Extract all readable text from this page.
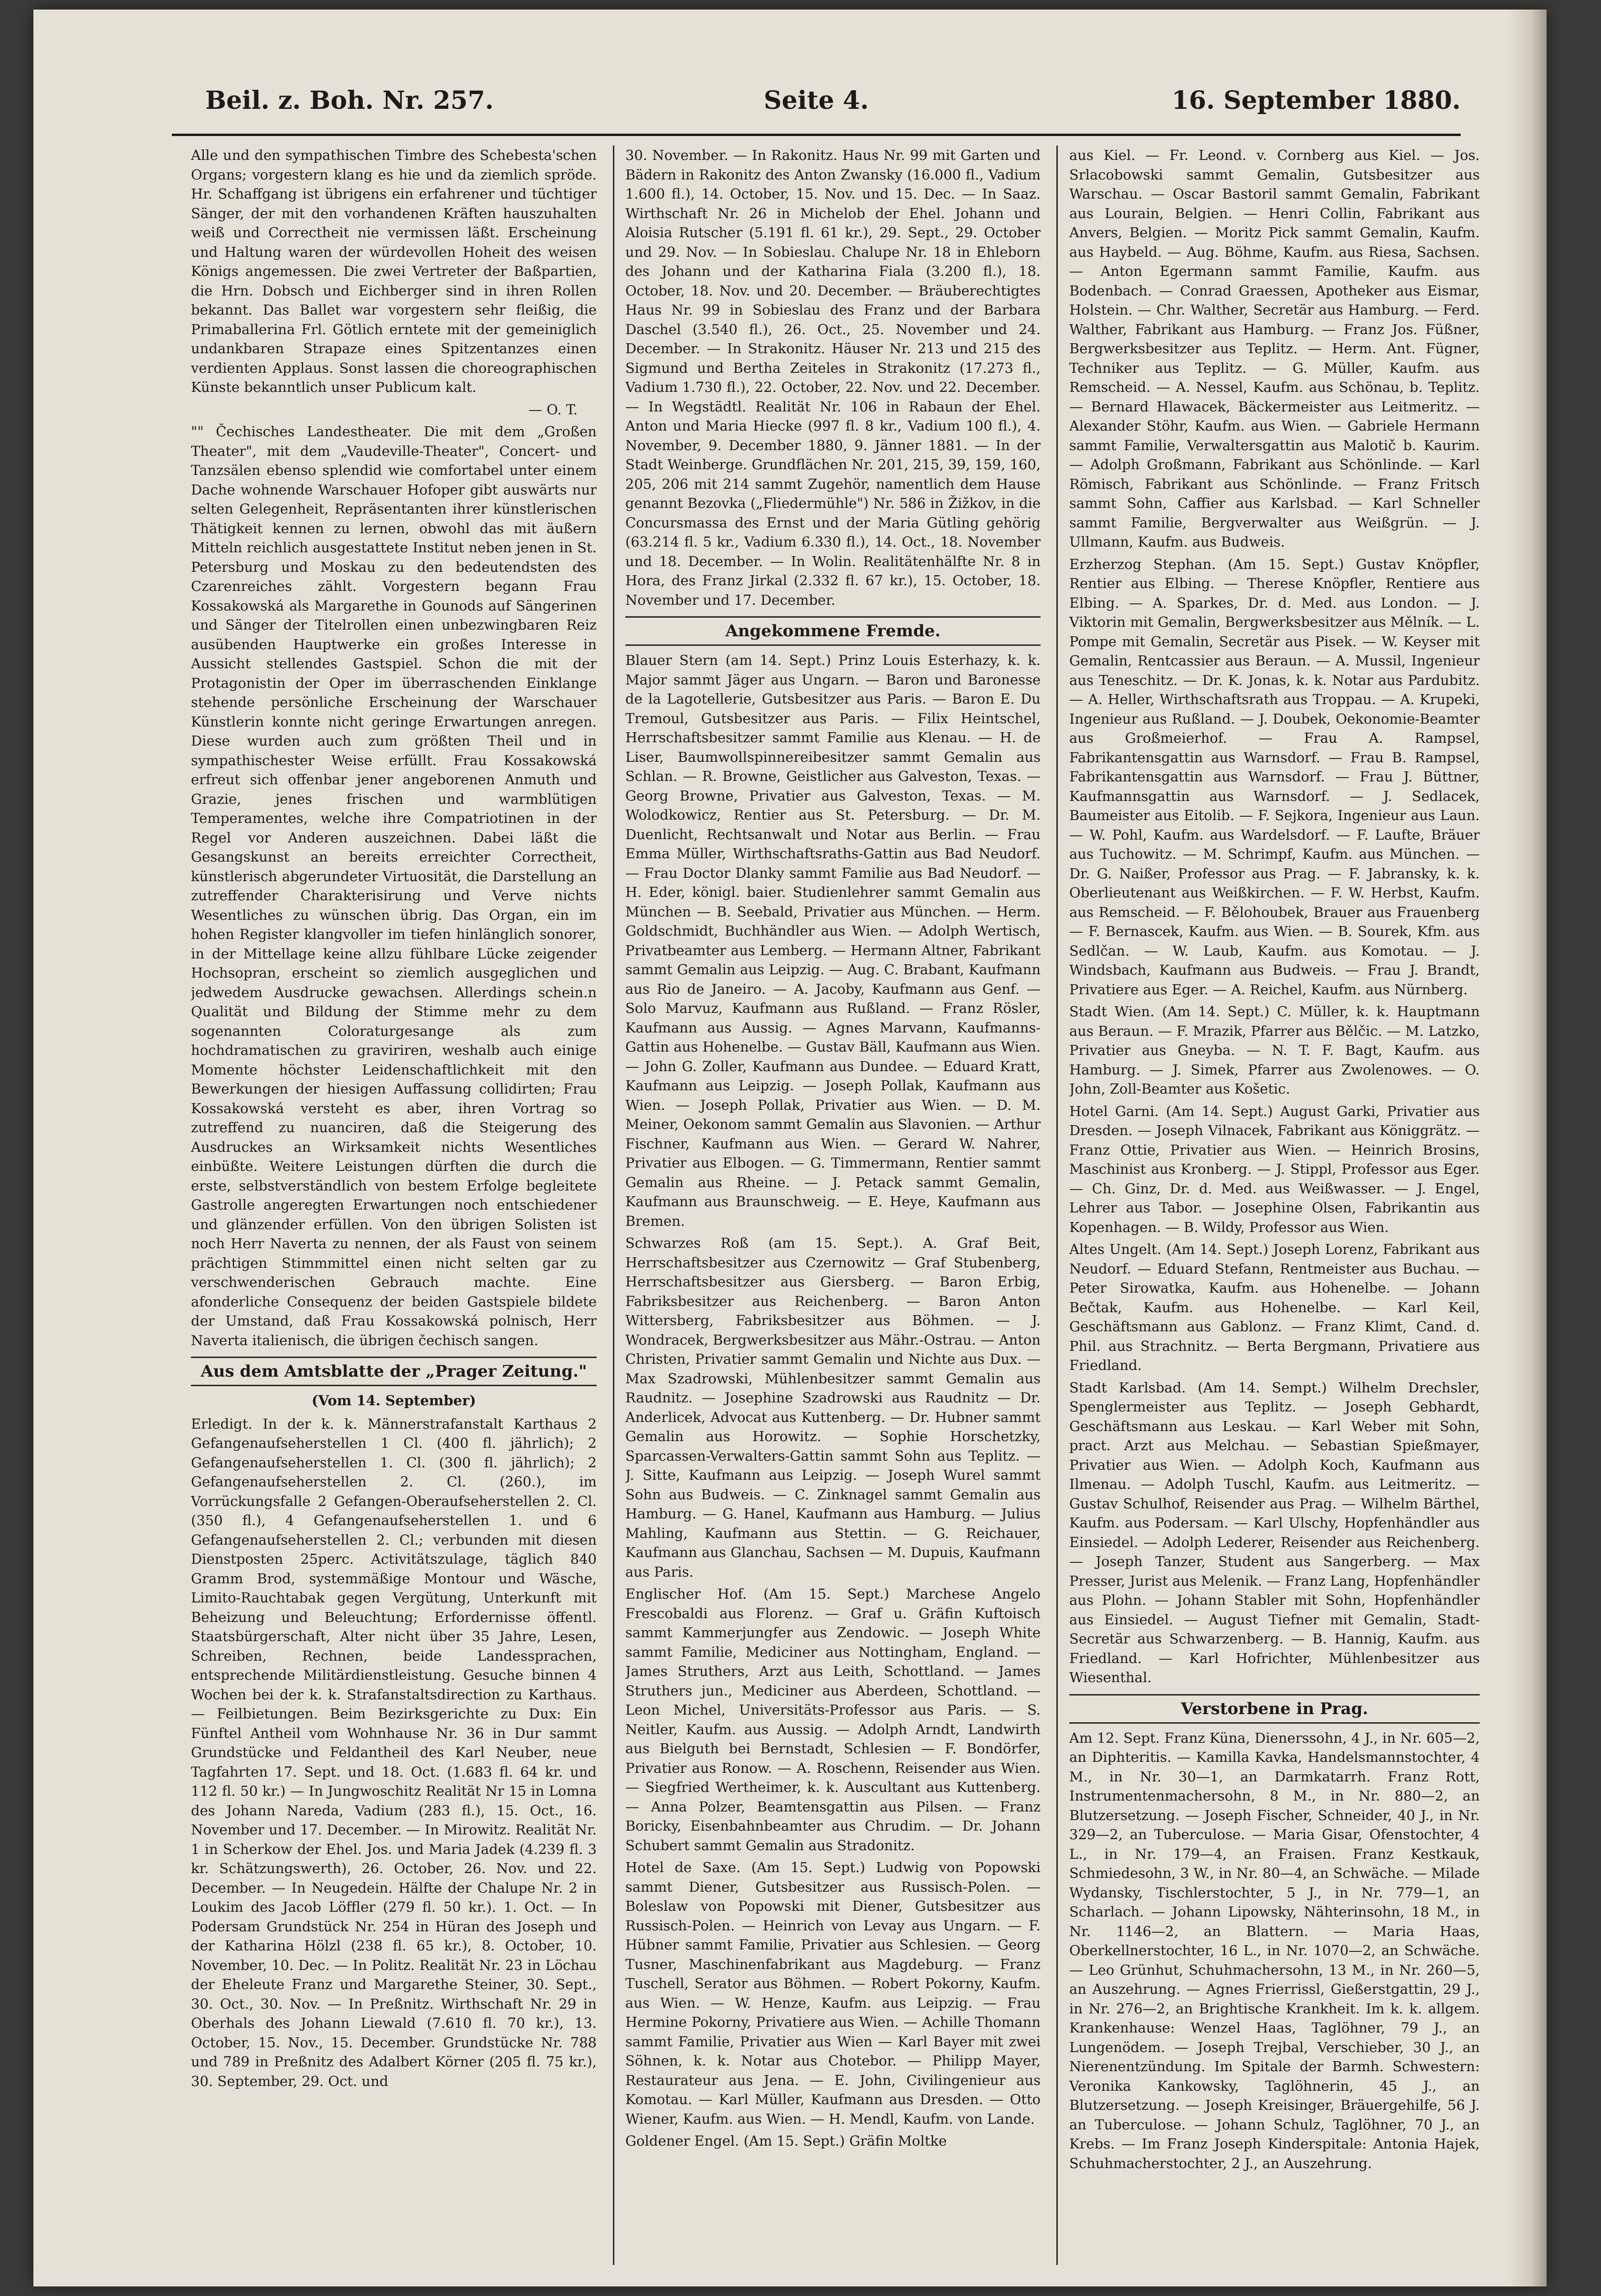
Beil. z. Boh. Nr. 257.	Seite 4.	16. September 1880.

Alle und den sympathischen Timbre des Schebesta'schen Organs; vorgestern klang es hie und da ziemlich spröde. Hr. Schaffgang ist übrigens ein erfahrener und tüchtiger Sänger, der mit den vorhandenen Kräften hauszuhalten weiß und Correctheit nie vermissen läßt. Erscheinung und Haltung waren der würdevollen Hoheit des weisen Königs angemessen. Die zwei Vertreter der Baßpartien, die Hrn. Dobsch und Eichberger sind in ihren Rollen bekannt. Das Ballet war vorgestern sehr fleißig, die Primaballerina Frl. Götlich erntete mit der gemeiniglich undankbaren Strapaze eines Spitzentanzes einen verdienten Applaus. Sonst lassen die choreographischen Künste bekanntlich unser Publicum kalt.

— O. T.

"" Čechisches Landestheater. Die mit dem „Großen Theater", mit dem „Vaudeville-Theater", Concert- und Tanzsälen ebenso splendid wie comfortabel unter einem Dache wohnende Warschauer Hofoper gibt auswärts nur selten Gelegenheit, Repräsentanten ihrer künstlerischen Thätigkeit kennen zu lernen, obwohl das mit äußern Mitteln reichlich ausgestattete Institut neben jenen in St. Petersburg und Moskau zu den bedeutendsten des Czarenreiches zählt. Vorgestern begann Frau Kossakowská als Margarethe in Gounods auf Sängerinen und Sänger der Titelrollen einen unbezwingbaren Reiz ausübenden Hauptwerke ein großes Interesse in Aussicht stellendes Gastspiel. Schon die mit der Protagonistin der Oper im überraschenden Einklange stehende persönliche Erscheinung der Warschauer Künstlerin konnte nicht geringe Erwartungen anregen. Diese wurden auch zum größten Theil und in sympathischester Weise erfüllt. Frau Kossakowská erfreut sich offenbar jener angeborenen Anmuth und Grazie, jenes frischen und warmblütigen Temperamentes, welche ihre Compatriotinen in der Regel vor Anderen auszeichnen. Dabei läßt die Gesangskunst an bereits erreichter Correctheit, künstlerisch abgerundeter Virtuosität, die Darstellung an zutreffender Charakterisirung und Verve nichts Wesentliches zu wünschen übrig. Das Organ, ein im hohen Register klangvoller im tiefen hinlänglich sonorer, in der Mittellage keine allzu fühlbare Lücke zeigender Hochsopran, erscheint so ziemlich ausgeglichen und jedwedem Ausdrucke gewachsen. Allerdings schein.n Qualität und Bildung der Stimme mehr zu dem sogenannten Coloraturgesange als zum hochdramatischen zu graviriren, weshalb auch einige Momente höchster Leidenschaftlichkeit mit den Bewerkungen der hiesigen Auffassung collidirten; Frau Kossakowská versteht es aber, ihren Vortrag so zutreffend zu nuanciren, daß die Steigerung des Ausdruckes an Wirksamkeit nichts Wesentliches einbüßte. Weitere Leistungen dürften die durch die erste, selbstverständlich von bestem Erfolge begleitete Gastrolle angeregten Erwartungen noch entschiedener und glänzender erfüllen. Von den übrigen Solisten ist noch Herr Naverta zu nennen, der als Faust von seinem prächtigen Stimmmittel einen nicht selten gar zu verschwenderischen Gebrauch machte. Eine afonderliche Consequenz der beiden Gastspiele bildete der Umstand, daß Frau Kossakowská polnisch, Herr Naverta italienisch, die übrigen čechisch sangen.

Aus dem Amtsblatte der „Prager Zeitung."

(Vom 14. September)

Erledigt. In der k. k. Männerstrafanstalt Karthaus 2 Gefangenaufseherstellen 1 Cl. (400 fl. jährlich); 2 Gefangenaufseherstellen 1. Cl. (300 fl. jährlich); 2 Gefangenaufseherstellen 2. Cl. (260.), im Vorrückungsfalle 2 Gefangen-Oberaufseherstellen 2. Cl. (350 fl.), 4 Gefangenaufseherstellen 1. und 6 Gefangenaufseherstellen 2. Cl.; verbunden mit diesen Dienstposten 25perc. Activitätszulage, täglich 840 Gramm Brod, systemmäßige Montour und Wäsche, Limito-Rauchtabak gegen Vergütung, Unterkunft mit Beheizung und Beleuchtung; Erfordernisse öffentl. Staatsbürgerschaft, Alter nicht über 35 Jahre, Lesen, Schreiben, Rechnen, beide Landessprachen, entsprechende Militärdienstleistung. Gesuche binnen 4 Wochen bei der k. k. Strafanstaltsdirection zu Karthaus. — Feilbietungen. Beim Bezirksgerichte zu Dux: Ein Fünftel Antheil vom Wohnhause Nr. 36 in Dur sammt Grundstücke und Feldantheil des Karl Neuber, neue Tagfahrten 17. Sept. und 18. Oct. (1.683 fl. 64 kr. und 112 fl. 50 kr.) — In Jungwoschitz Realität Nr 15 in Lomna des Johann Nareda, Vadium (283 fl.), 15. Oct., 16. November und 17. December. — In Mirowitz. Realität Nr. 1 in Scherkow der Ehel. Jos. und Maria Jadek (4.239 fl. 3 kr. Schätzungswerth), 26. October, 26. Nov. und 22. December. — In Neugedein. Hälfte der Chalupe Nr. 2 in Loukim des Jacob Löffler (279 fl. 50 kr.). 1. Oct. — In Podersam Grundstück Nr. 254 in Hüran des Joseph und der Katharina Hölzl (238 fl. 65 kr.), 8. October, 10. November, 10. Dec. — In Politz. Realität Nr. 23 in Löchau der Eheleute Franz und Margarethe Steiner, 30. Sept., 30. Oct., 30. Nov. — In Preßnitz. Wirthschaft Nr. 29 in Oberhals des Johann Liewald (7.610 fl. 70 kr.), 13. October, 15. Nov., 15. December. Grundstücke Nr. 788 und 789 in Preßnitz des Adalbert Körner (205 fl. 75 kr.), 30. September, 29. Oct. und

30. November. — In Rakonitz. Haus Nr. 99 mit Garten und Bädern in Rakonitz des Anton Zwansky (16.000 fl., Vadium 1.600 fl.), 14. October, 15. Nov. und 15. Dec. — In Saaz. Wirthschaft Nr. 26 in Michelob der Ehel. Johann und Aloisia Rutscher (5.191 fl. 61 kr.), 29. Sept., 29. October und 29. Nov. — In Sobieslau. Chalupe Nr. 18 in Ehleborn des Johann und der Katharina Fiala (3.200 fl.), 18. October, 18. Nov. und 20. December. — Bräuberechtigtes Haus Nr. 99 in Sobieslau des Franz und der Barbara Daschel (3.540 fl.), 26. Oct., 25. November und 24. December. — In Strakonitz. Häuser Nr. 213 und 215 des Sigmund und Bertha Zeiteles in Strakonitz (17.273 fl., Vadium 1.730 fl.), 22. October, 22. Nov. und 22. December. — In Wegstädtl. Realität Nr. 106 in Rabaun der Ehel. Anton und Maria Hiecke (997 fl. 8 kr., Vadium 100 fl.), 4. November, 9. December 1880, 9. Jänner 1881. — In der Stadt Weinberge. Grundflächen Nr. 201, 215, 39, 159, 160, 205, 206 mit 214 sammt Zugehör, namentlich dem Hause genannt Bezovka („Fliedermühle") Nr. 586 in Žižkov, in die Concursmassa des Ernst und der Maria Gütling gehörig (63.214 fl. 5 kr., Vadium 6.330 fl.), 14. Oct., 18. November und 18. December. — In Wolin. Realitätenhälfte Nr. 8 in Hora, des Franz Jirkal (2.332 fl. 67 kr.), 15. October, 18. November und 17. December.

Angekommene Fremde.

Blauer Stern (am 14. Sept.) Prinz Louis Esterhazy, k. k. Major sammt Jäger aus Ungarn. — Baron und Baronesse de la Lagotellerie, Gutsbesitzer aus Paris. — Baron E. Du Tremoul, Gutsbesitzer aus Paris. — Filix Heintschel, Herrschaftsbesitzer sammt Familie aus Klenau. — H. de Liser, Baumwollspinnereibesitzer sammt Gemalin aus Schlan. — R. Browne, Geistlicher aus Galveston, Texas. — Georg Browne, Privatier aus Galveston, Texas. — M. Wolodkowicz, Rentier aus St. Petersburg. — Dr. M. Duenlicht, Rechtsanwalt und Notar aus Berlin. — Frau Emma Müller, Wirthschaftsraths-Gattin aus Bad Neudorf. — Frau Doctor Dlanky sammt Familie aus Bad Neudorf. — H. Eder, königl. baier. Studienlehrer sammt Gemalin aus München — B. Seebald, Privatier aus München. — Herm. Goldschmidt, Buchhändler aus Wien. — Adolph Wertisch, Privatbeamter aus Lemberg. — Hermann Altner, Fabrikant sammt Gemalin aus Leipzig. — Aug. C. Brabant, Kaufmann aus Rio de Janeiro. — A. Jacoby, Kaufmann aus Genf. — Solo Marvuz, Kaufmann aus Rußland. — Franz Rösler, Kaufmann aus Aussig. — Agnes Marvann, Kaufmanns-Gattin aus Hohenelbe. — Gustav Bäll, Kaufmann aus Wien. — John G. Zoller, Kaufmann aus Dundee. — Eduard Kratt, Kaufmann aus Leipzig. — Joseph Pollak, Kaufmann aus Wien. — Joseph Pollak, Privatier aus Wien. — D. M. Meiner, Oekonom sammt Gemalin aus Slavonien. — Arthur Fischner, Kaufmann aus Wien. — Gerard W. Nahrer, Privatier aus Elbogen. — G. Timmermann, Rentier sammt Gemalin aus Rheine. — J. Petack sammt Gemalin, Kaufmann aus Braunschweig. — E. Heye, Kaufmann aus Bremen.

Schwarzes Roß (am 15. Sept.). A. Graf Beit, Herrschaftsbesitzer aus Czernowitz — Graf Stubenberg, Herrschaftsbesitzer aus Giersberg. — Baron Erbig, Fabriksbesitzer aus Reichenberg. — Baron Anton Wittersberg, Fabriksbesitzer aus Böhmen. — J. Wondracek, Bergwerksbesitzer aus Mähr.-Ostrau. — Anton Christen, Privatier sammt Gemalin und Nichte aus Dux. — Max Szadrowski, Mühlenbesitzer sammt Gemalin aus Raudnitz. — Josephine Szadrowski aus Raudnitz — Dr. Anderlicek, Advocat aus Kuttenberg. — Dr. Hubner sammt Gemalin aus Horowitz. — Sophie Horschetzky, Sparcassen-Verwalters-Gattin sammt Sohn aus Teplitz. — J. Sitte, Kaufmann aus Leipzig. — Joseph Wurel sammt Sohn aus Budweis. — C. Zinknagel sammt Gemalin aus Hamburg. — G. Hanel, Kaufmann aus Hamburg. — Julius Mahling, Kaufmann aus Stettin. — G. Reichauer, Kaufmann aus Glanchau, Sachsen — M. Dupuis, Kaufmann aus Paris.

Englischer Hof. (Am 15. Sept.) Marchese Angelo Frescobaldi aus Florenz. — Graf u. Gräfin Kuftoisch sammt Kammerjungfer aus Zendowic. — Joseph White sammt Familie, Mediciner aus Nottingham, England. — James Struthers, Arzt aus Leith, Schottland. — James Struthers jun., Mediciner aus Aberdeen, Schottland. — Leon Michel, Universitäts-Professor aus Paris. — S. Neitler, Kaufm. aus Aussig. — Adolph Arndt, Landwirth aus Bielguth bei Bernstadt, Schlesien — F. Bondörfer, Privatier aus Ronow. — A. Roschenn, Reisender aus Wien. — Siegfried Wertheimer, k. k. Auscultant aus Kuttenberg. — Anna Polzer, Beamtensgattin aus Pilsen. — Franz Boricky, Eisenbahnbeamter aus Chrudim. — Dr. Johann Schubert sammt Gemalin aus Stradonitz.

Hotel de Saxe. (Am 15. Sept.) Ludwig von Popowski sammt Diener, Gutsbesitzer aus Russisch-Polen. — Boleslaw von Popowski mit Diener, Gutsbesitzer aus Russisch-Polen. — Heinrich von Levay aus Ungarn. — F. Hübner sammt Familie, Privatier aus Schlesien. — Georg Tusner, Maschinenfabrikant aus Magdeburg. — Franz Tuschell, Serator aus Böhmen. — Robert Pokorny, Kaufm. aus Wien. — W. Henze, Kaufm. aus Leipzig. — Frau Hermine Pokorny, Privatiere aus Wien. — Achille Thomann sammt Familie, Privatier aus Wien — Karl Bayer mit zwei Söhnen, k. k. Notar aus Chotebor. — Philipp Mayer, Restaurateur aus Jena. — E. John, Civilingenieur aus Komotau. — Karl Müller, Kaufmann aus Dresden. — Otto Wiener, Kaufm. aus Wien. — H. Mendl, Kaufm. von Lande.

Goldener Engel. (Am 15. Sept.) Gräfin Moltke

aus Kiel. — Fr. Leond. v. Cornberg aus Kiel. — Jos. Srlacobowski sammt Gemalin, Gutsbesitzer aus Warschau. — Oscar Bastoril sammt Gemalin, Fabrikant aus Lourain, Belgien. — Henri Collin, Fabrikant aus Anvers, Belgien. — Moritz Pick sammt Gemalin, Kaufm. aus Haybeld. — Aug. Böhme, Kaufm. aus Riesa, Sachsen. — Anton Egermann sammt Familie, Kaufm. aus Bodenbach. — Conrad Graessen, Apotheker aus Eismar, Holstein. — Chr. Walther, Secretär aus Hamburg. — Ferd. Walther, Fabrikant aus Hamburg. — Franz Jos. Füßner, Bergwerksbesitzer aus Teplitz. — Herm. Ant. Fügner, Techniker aus Teplitz. — G. Müller, Kaufm. aus Remscheid. — A. Nessel, Kaufm. aus Schönau, b. Teplitz. — Bernard Hlawacek, Bäckermeister aus Leitmeritz. — Alexander Stöhr, Kaufm. aus Wien. — Gabriele Hermann sammt Familie, Verwaltersgattin aus Malotič b. Kaurim. — Adolph Großmann, Fabrikant aus Schönlinde. — Karl Römisch, Fabrikant aus Schönlinde. — Franz Fritsch sammt Sohn, Caffier aus Karlsbad. — Karl Schneller sammt Familie, Bergverwalter aus Weißgrün. — J. Ullmann, Kaufm. aus Budweis.

Erzherzog Stephan. (Am 15. Sept.) Gustav Knöpfler, Rentier aus Elbing. — Therese Knöpfler, Rentiere aus Elbing. — A. Sparkes, Dr. d. Med. aus London. — J. Viktorin mit Gemalin, Bergwerksbesitzer aus Mělník. — L. Pompe mit Gemalin, Secretär aus Pisek. — W. Keyser mit Gemalin, Rentcassier aus Beraun. — A. Mussil, Ingenieur aus Teneschitz. — Dr. K. Jonas, k. k. Notar aus Pardubitz. — A. Heller, Wirthschaftsrath aus Troppau. — A. Krupeki, Ingenieur aus Rußland. — J. Doubek, Oekonomie-Beamter aus Großmeierhof. — Frau A. Rampsel, Fabrikantensgattin aus Warnsdorf. — Frau B. Rampsel, Fabrikantensgattin aus Warnsdorf. — Frau J. Büttner, Kaufmannsgattin aus Warnsdorf. — J. Sedlacek, Baumeister aus Eitolib. — F. Sejkora, Ingenieur aus Laun. — W. Pohl, Kaufm. aus Wardelsdorf. — F. Laufte, Bräuer aus Tuchowitz. — M. Schrimpf, Kaufm. aus München. — Dr. G. Naißer, Professor aus Prag. — F. Jabransky, k. k. Oberlieutenant aus Weißkirchen. — F. W. Herbst, Kaufm. aus Remscheid. — F. Bělohoubek, Brauer aus Frauenberg — F. Bernascek, Kaufm. aus Wien. — B. Sourek, Kfm. aus Sedlčan. — W. Laub, Kaufm. aus Komotau. — J. Windsbach, Kaufmann aus Budweis. — Frau J. Brandt, Privatiere aus Eger. — A. Reichel, Kaufm. aus Nürnberg.

Stadt Wien. (Am 14. Sept.) C. Müller, k. k. Hauptmann aus Beraun. — F. Mrazik, Pfarrer aus Bělčic. — M. Latzko, Privatier aus Gneyba. — N. T. F. Bagt, Kaufm. aus Hamburg. — J. Simek, Pfarrer aus Zwolenowes. — O. John, Zoll-Beamter aus Košetic.

Hotel Garni. (Am 14. Sept.) August Garki, Privatier aus Dresden. — Joseph Vilnacek, Fabrikant aus Königgrätz. — Franz Ottie, Privatier aus Wien. — Heinrich Brosins, Maschinist aus Kronberg. — J. Stippl, Professor aus Eger. — Ch. Ginz, Dr. d. Med. aus Weißwasser. — J. Engel, Lehrer aus Tabor. — Josephine Olsen, Fabrikantin aus Kopenhagen. — B. Wildy, Professor aus Wien.

Altes Ungelt. (Am 14. Sept.) Joseph Lorenz, Fabrikant aus Neudorf. — Eduard Stefann, Rentmeister aus Buchau. — Peter Sirowatka, Kaufm. aus Hohenelbe. — Johann Bečtak, Kaufm. aus Hohenelbe. — Karl Keil, Geschäftsmann aus Gablonz. — Franz Klimt, Cand. d. Phil. aus Strachnitz. — Berta Bergmann, Privatiere aus Friedland.

Stadt Karlsbad. (Am 14. Sempt.) Wilhelm Drechsler, Spenglermeister aus Teplitz. — Joseph Gebhardt, Geschäftsmann aus Leskau. — Karl Weber mit Sohn, pract. Arzt aus Melchau. — Sebastian Spießmayer, Privatier aus Wien. — Adolph Koch, Kaufmann aus Ilmenau. — Adolph Tuschl, Kaufm. aus Leitmeritz. — Gustav Schulhof, Reisender aus Prag. — Wilhelm Bärthel, Kaufm. aus Podersam. — Karl Ulschy, Hopfenhändler aus Einsiedel. — Adolph Lederer, Reisender aus Reichenberg. — Joseph Tanzer, Student aus Sangerberg. — Max Presser, Jurist aus Melenik. — Franz Lang, Hopfenhändler aus Plohn. — Johann Stabler mit Sohn, Hopfenhändler aus Einsiedel. — August Tiefner mit Gemalin, Stadt-Secretär aus Schwarzenberg. — B. Hannig, Kaufm. aus Friedland. — Karl Hofrichter, Mühlenbesitzer aus Wiesenthal.

Verstorbene in Prag.

Am 12. Sept. Franz Küna, Dienerssohn, 4 J., in Nr. 605—2, an Diphteritis. — Kamilla Kavka, Handelsmannstochter, 4 M., in Nr. 30—1, an Darmkatarrh. Franz Rott, Instrumentenmachersohn, 8 M., in Nr. 880—2, an Blutzersetzung. — Joseph Fischer, Schneider, 40 J., in Nr. 329—2, an Tuberculose. — Maria Gisar, Ofenstochter, 4 L., in Nr. 179—4, an Fraisen. Franz Kestkauk, Schmiedesohn, 3 W., in Nr. 80—4, an Schwäche. — Milade Wydansky, Tischlerstochter, 5 J., in Nr. 779—1, an Scharlach. — Johann Lipowsky, Nähterinsohn, 18 M., in Nr. 1146—2, an Blattern. — Maria Haas, Oberkellnerstochter, 16 L., in Nr. 1070—2, an Schwäche. — Leo Grünhut, Schuhmachersohn, 13 M., in Nr. 260—5, an Auszehrung. — Agnes Frierrissl, Gießerstgattin, 29 J., in Nr. 276—2, an Brightische Krankheit. Im k. k. allgem. Krankenhause: Wenzel Haas, Taglöhner, 79 J., an Lungenödem. — Joseph Trejbal, Verschieber, 30 J., an Nierenentzündung. Im Spitale der Barmh. Schwestern: Veronika Kankowsky, Taglöhnerin, 45 J., an Blutzersetzung. — Joseph Kreisinger, Bräuergehilfe, 56 J. an Tuberculose. — Johann Schulz, Taglöhner, 70 J., an Krebs. — Im Franz Joseph Kinderspitale: Antonia Hajek, Schuhmacherstochter, 2 J., an Auszehrung.
